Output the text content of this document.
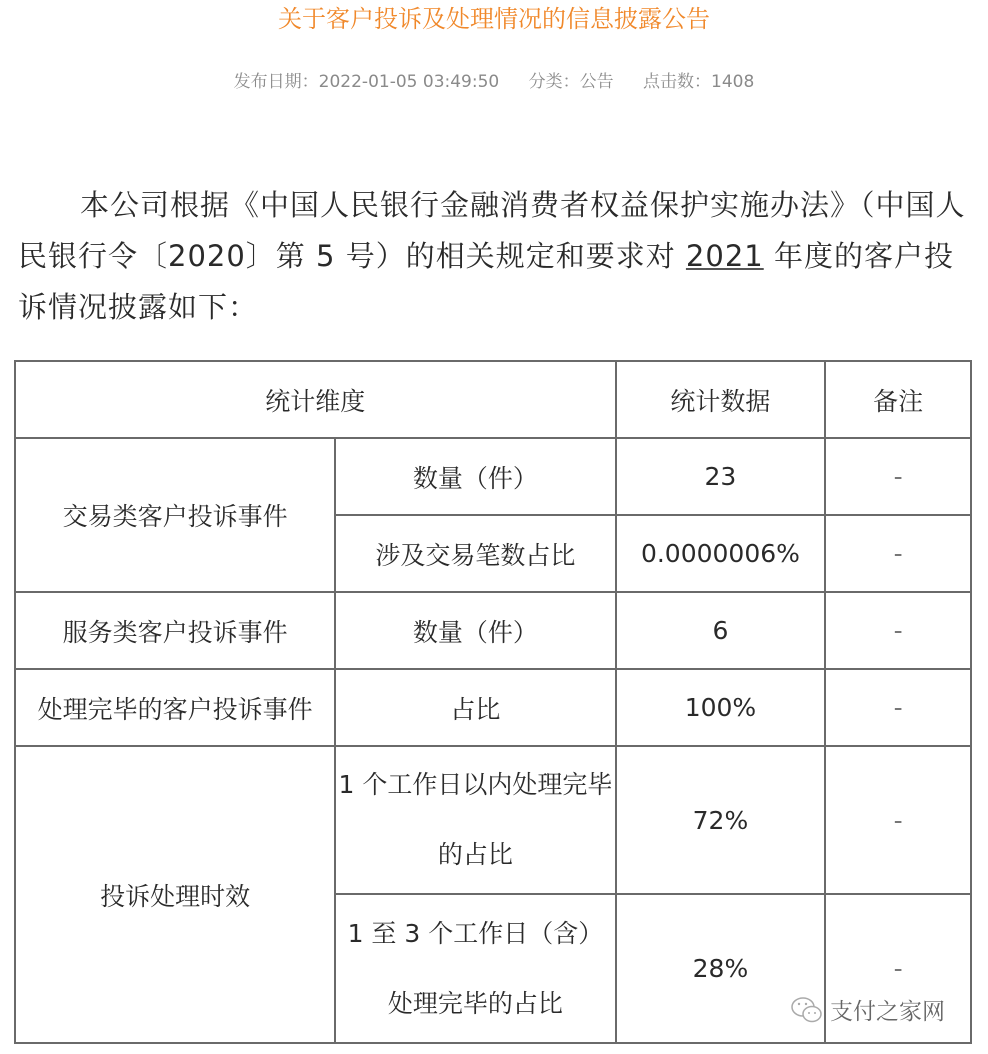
关于客户投诉及处理情况的信息披露公告
发布日期：2022-01-05 03:49:50 分类：公告 点击数：1408

本公司根据《中国人民银行金融消费者权益保护实施办法》（中国人民银行令〔2020〕第 5 号）的相关规定和要求对 2021 年度的客户投诉情况披露如下：

统计维度		统计数据	备注
交易类客户投诉事件	数量（件）	23	-
	涉及交易笔数占比	0.0000006%	-
服务类客户投诉事件	数量（件）	6	-
处理完毕的客户投诉事件	占比	100%	-
投诉处理时效	1 个工作日以内处理完毕的占比	72%	-
	1 至 3 个工作日（含）处理完毕的占比	28%	-
支付之家网
